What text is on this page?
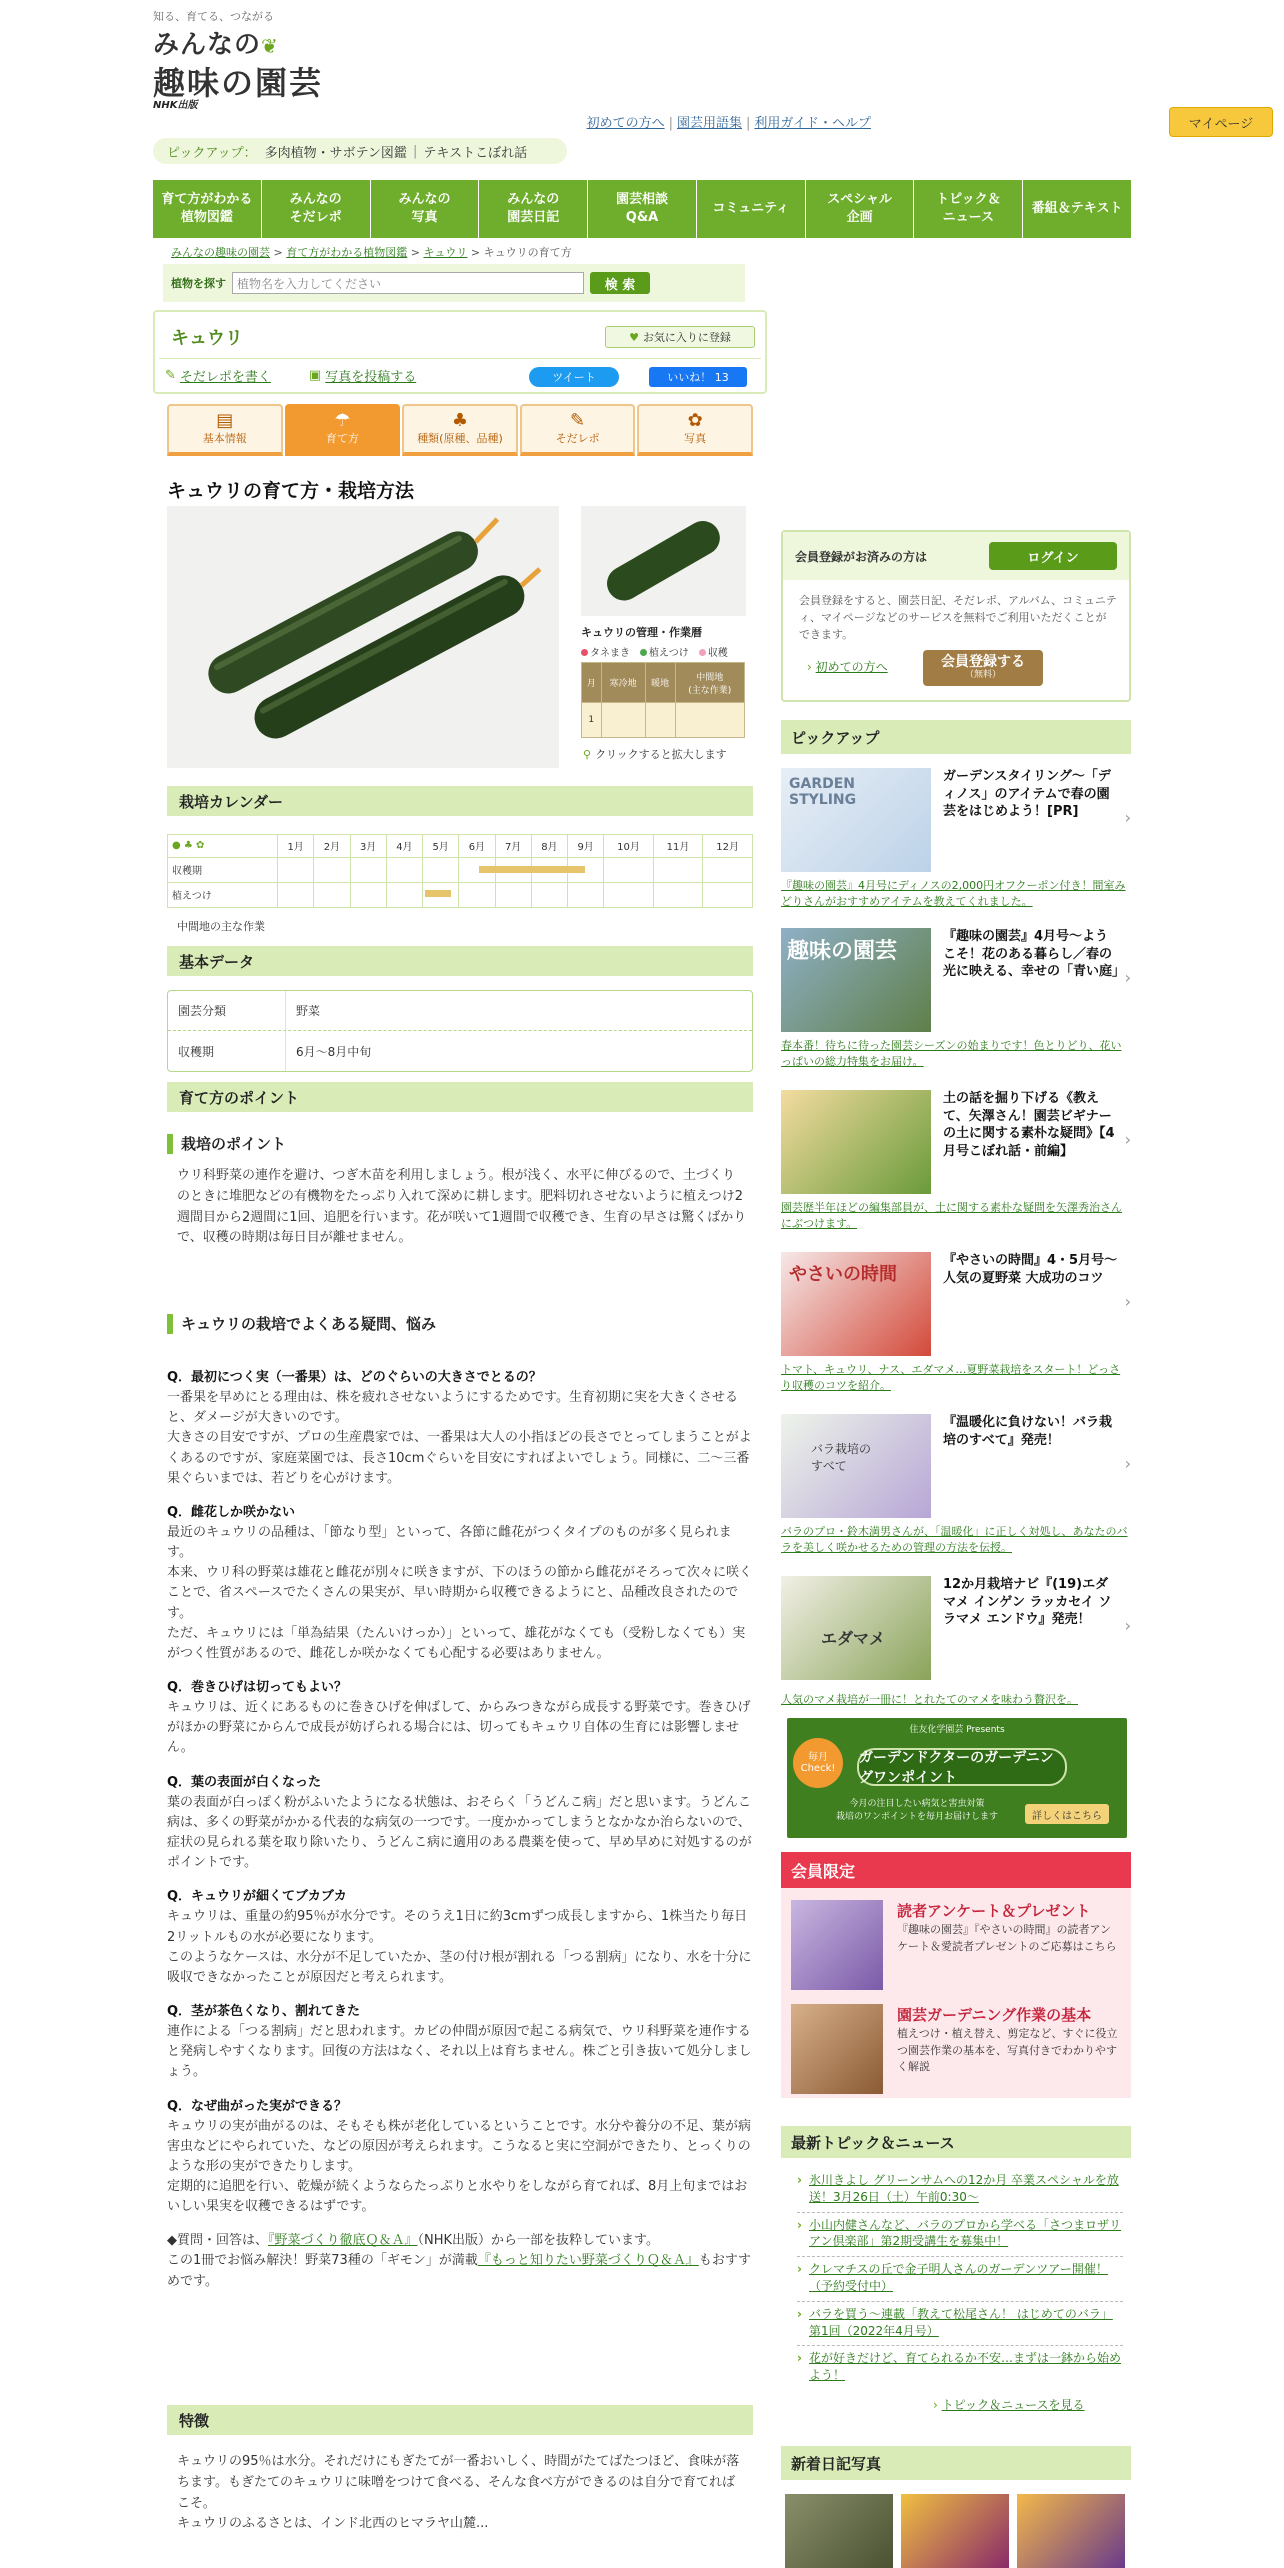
知る、育てる、つながる
みんなの❦
趣味の園芸
NHK出版
初めての方へ | 園芸用語集 | 利用ガイド・ヘルプ	マイページ
ピックアップ： 多肉植物・サボテン図鑑 | テキストこぼれ話
育て方がわかる
植物図鑑
みんなの
そだレポ
みんなの
写真
みんなの
園芸日記
園芸相談
Q&A
コミュニティ
スペシャル
企画
トピック＆
ニュース
番組＆テキスト
みんなの趣味の園芸 > 育て方がわかる植物図鑑 > キュウリ > キュウリの育て方
植物を探す 植物名を入力してください	検 索
キュウリ	♥ お気に入りに登録
✎ そだレポを書く	▣ 写真を投稿する	ツイート	いいね！ 13
▤
基本情報
☂
育て方
♣
種類(原種、品種)
✎
そだレポ
✿
写真
キュウリの育て方・栽培方法
キュウリの管理・作業暦
タネまき	植えつけ	収穫
月	寒冷地	暖地	中間地
(主な作業)
1			
⚲ クリックすると拡大します
栽培カレンダー
● ♣ ✿	1月	2月	3月	4月	5月	6月	7月	8月	9月	10月	11月	12月
収穫期												
植えつけ												
中間地の主な作業
基本データ
園芸分類	野菜
収穫期	6月～8月中旬
育て方のポイント
栽培のポイント
ウリ科野菜の連作を避け、つぎ木苗を利用しましょう。根が浅く、水平に伸びるので、土づくりのときに堆肥などの有機物をたっぷり入れて深めに耕します。肥料切れさせないように植えつけ2週間目から2週間に1回、追肥を行います。花が咲いて1週間で収穫でき、生育の早さは驚くばかりで、収穫の時期は毎日目が離せません。
キュウリの栽培でよくある疑問、悩み

Q．最初につく実（一番果）は、どのぐらいの大きさでとるの？
一番果を早めにとる理由は、株を疲れさせないようにするためです。生育初期に実を大きくさせると、ダメージが大きいのです。
大きさの目安ですが、プロの生産農家では、一番果は大人の小指ほどの長さでとってしまうことがよくあるのですが、家庭菜園では、長さ10cmぐらいを目安にすればよいでしょう。同様に、二～三番果ぐらいまでは、若どりを心がけます。

Q．雌花しか咲かない
最近のキュウリの品種は、「節なり型」といって、各節に雌花がつくタイプのものが多く見られます。
本来、ウリ科の野菜は雄花と雌花が別々に咲きますが、下のほうの節から雌花がそろって次々に咲くことで、省スペースでたくさんの果実が、早い時期から収穫できるようにと、品種改良されたのです。
ただ、キュウリには「単為結果（たんいけっか）」といって、雄花がなくても（受粉しなくても）実がつく性質があるので、雌花しか咲かなくても心配する必要はありません。

Q．巻きひげは切ってもよい？
キュウリは、近くにあるものに巻きひげを伸ばして、からみつきながら成長する野菜です。巻きひげがほかの野菜にからんで成長が妨げられる場合には、切ってもキュウリ自体の生育には影響しません。

Q．葉の表面が白くなった
葉の表面が白っぽく粉がふいたようになる状態は、おそらく「うどんこ病」だと思います。うどんこ病は、多くの野菜がかかる代表的な病気の一つです。一度かかってしまうとなかなか治らないので、症状の見られる葉を取り除いたり、うどんこ病に適用のある農薬を使って、早め早めに対処するのがポイントです。

Q．キュウリが細くてブカブカ
キュウリは、重量の約95％が水分です。そのうえ1日に約3cmずつ成長しますから、1株当たり毎日2リットルもの水が必要になります。
このようなケースは、水分が不足していたか、茎の付け根が割れる「つる割病」になり、水を十分に吸収できなかったことが原因だと考えられます。

Q．茎が茶色くなり、割れてきた
連作による「つる割病」だと思われます。カビの仲間が原因で起こる病気で、ウリ科野菜を連作すると発病しやすくなります。回復の方法はなく、それ以上は育ちません。株ごと引き抜いて処分しましょう。

Q．なぜ曲がった実ができる？
キュウリの実が曲がるのは、そもそも株が老化しているということです。水分や養分の不足、葉が病害虫などにやられていた、などの原因が考えられます。こうなると実に空洞ができたり、とっくりのような形の実ができたりします。
定期的に追肥を行い、乾燥が続くようならたっぷりと水やりをしながら育てれば、8月上旬まではおいしい果実を収穫できるはずです。

◆質問・回答は、『野菜づくり徹底Ｑ＆Ａ』（NHK出版）から一部を抜粋しています。
この1冊でお悩み解決！野菜73種の「ギモン」が満載『もっと知りたい野菜づくりＱ＆Ａ』もおすすめです。

特徴
キュウリの95％は水分。それだけにもぎたてが一番おいしく、時間がたてばたつほど、食味が落ちます。もぎたてのキュウリに味噌をつけて食べる、そんな食べ方ができるのは自分で育てればこそ。
キュウリのふるさとは、インド北西のヒマラヤ山麓...
会員登録がお済みの方は	ログイン
会員登録をすると、園芸日記、そだレポ、アルバム、コミュニティ、マイページなどのサービスを無料でご利用いただくことができます。
› 初めての方へ	会員登録する
（無料）
ピックアップ
GARDEN
STYLING
ガーデンスタイリング～「ディノス」のアイテムで春の園芸をはじめよう！[PR]	›
『趣味の園芸』4月号にディノスの2,000円オフクーポン付き！間室みどりさんがおすすめアイテムを教えてくれました。
趣味の園芸
『趣味の園芸』4月号～ようこそ！花のある暮らし／春の光に映える、幸せの「青い庭」 ›
春本番！待ちに待った園芸シーズンの始まりです！色とりどり、花いっぱいの総力特集をお届け。
土の話を掘り下げる《教えて、矢澤さん！園芸ビギナーの土に関する素朴な疑問》【4月号こぼれ話・前編】
›
園芸歴半年ほどの編集部員が、土に関する素朴な疑問を矢澤秀治さんにぶつけます。
やさいの時間
『やさいの時間』4・5月号～人気の夏野菜 大成功のコツ
›
トマト、キュウリ、ナス、エダマメ…夏野菜栽培をスタート！どっさり収穫のコツを紹介。
バラ栽培の
すべて
『温暖化に負けない！バラ栽培のすべて』発売！
›
バラのプロ・鈴木満男さんが、「温暖化」に正しく対処し、あなたのバラを美しく咲かせるための管理の方法を伝授。
エダマメ
12か月栽培ナビ『(19)エダマメ インゲン ラッカセイ ソラマメ エンドウ』発売！	›
人気のマメ栽培が一冊に！とれたてのマメを味わう贅沢を。
住友化学園芸 Presents
毎月
Check!
ガーデンドクターのガーデニングワンポイント
今月の注目したい病気と害虫対策
栽培のワンポイントを毎月お届けします	詳しくはこちら
会員限定
読者アンケート＆プレゼント
『趣味の園芸』『やさいの時間』の読者アンケート＆愛読者プレゼントのご応募はこちら
園芸ガーデニング作業の基本
植えつけ・植え替え、剪定など、すぐに役立つ園芸作業の基本を、写真付きでわかりやすく解説
最新トピック＆ニュース
› 氷川きよし グリーンサムへの12か月 卒業スペシャルを放送！3月26日（土）午前0:30～
› 小山内健さんなど、バラのプロから学べる「さつまロザリアン倶楽部」第2期受講生を募集中！
› クレマチスの丘で金子明人さんのガーデンツアー開催！（予約受付中）
› バラを買う～連載「教えて松尾さん！ はじめてのバラ」第1回（2022年4月号）
› 花が好きだけど、育てられるか不安…まずは一鉢から始めよう！
› トピック＆ニュースを見る
新着日記写真
